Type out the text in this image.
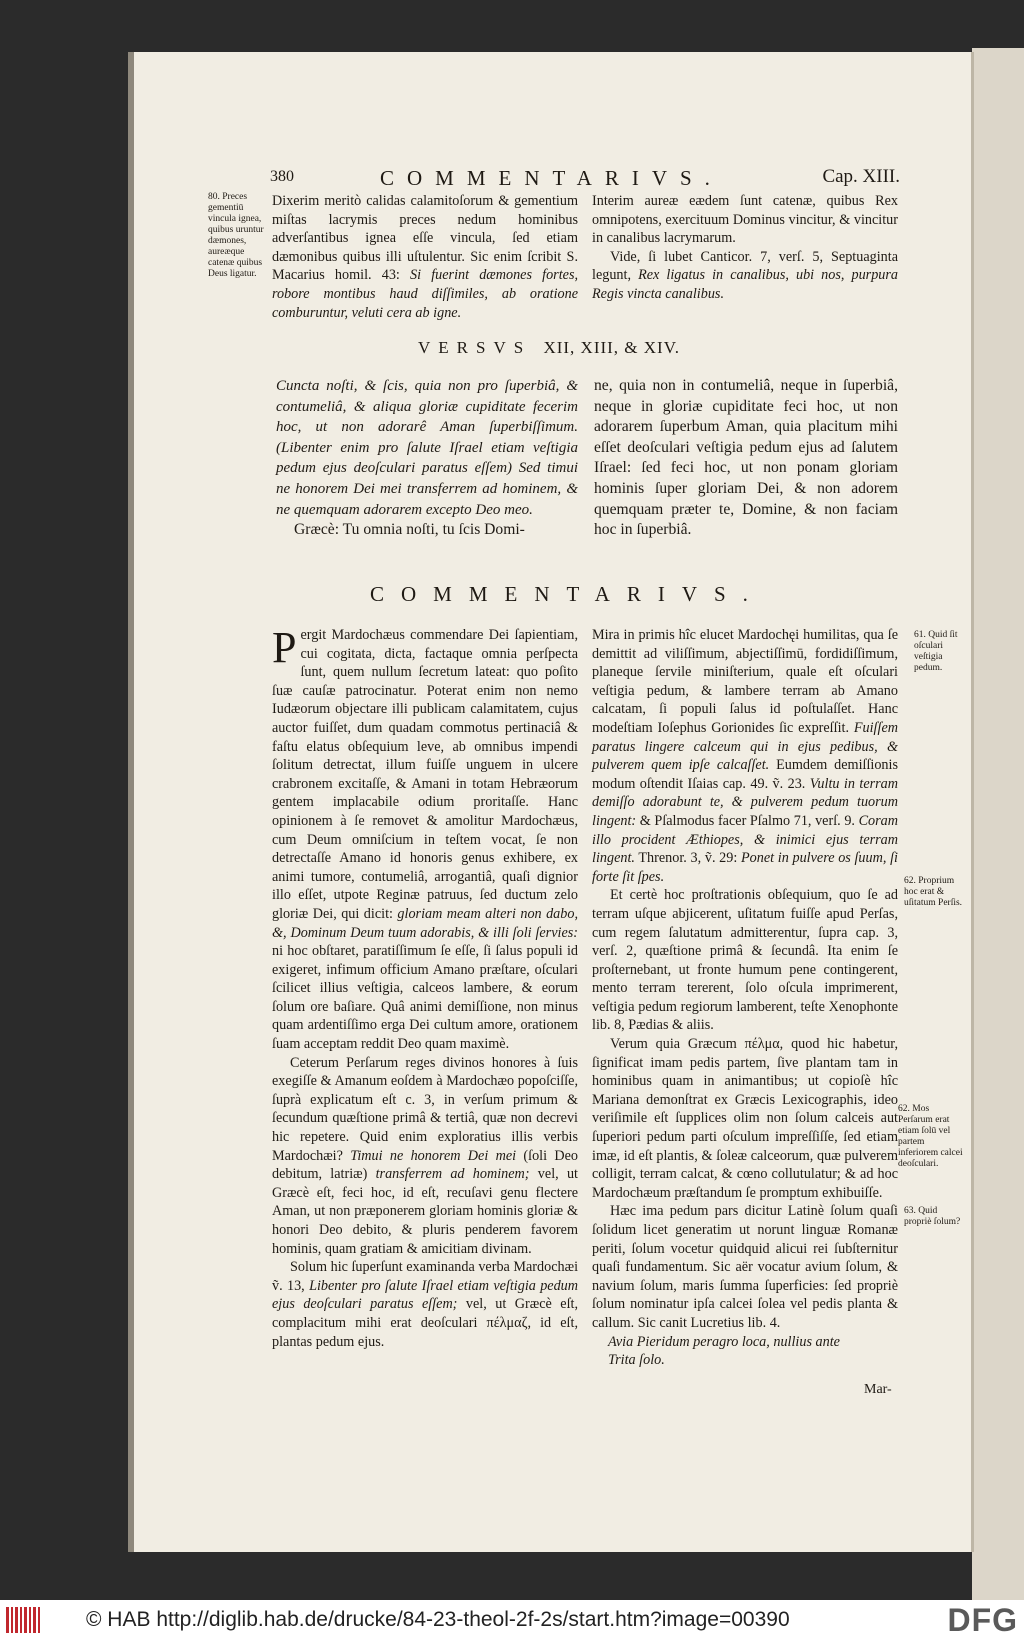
380	COMMENTARIVS.	Cap. XIII.
80. Preces gementiū vincula ignea, quibus uruntur dæmones, aureæque catenæ quibus Deus ligatur.

Dixerim meritò calidas calamitoſorum & gementium miſtas lacrymis preces nedum hominibus adverſantibus ignea eſſe vincula, ſed etiam dæmonibus quibus illi uſtulentur. Sic enim ſcribit S. Macarius homil. 43: Si fuerint dæmones fortes, robore montibus haud diſſimiles, ab oratione comburuntur, veluti cera ab igne.

Interim aureæ eædem ſunt catenæ, quibus Rex omnipotens, exercituum Dominus vincitur, & vincitur in canalibus lacrymarum.

Vide, ſi lubet Canticor. 7, verſ. 5, Septuaginta legunt, Rex ligatus in canalibus, ubi nos, purpura Regis vincta canalibus.

VERSVS XII, XIII, & XIV.

Cuncta noſti, & ſcis, quia non pro ſuperbiâ, & contumeliâ, & aliqua gloriæ cupiditate fecerim hoc, ut non adorarê Aman ſuperbiſſimum. (Libenter enim pro ſalute Iſrael etiam veſtigia pedum ejus deoſculari paratus eſſem) Sed timui ne honorem Dei mei transferrem ad hominem, & ne quemquam adorarem excepto Deo meo.

Græcè: Tu omnia noſti, tu ſcis Domi-

ne, quia non in contumeliâ, neque in ſuperbiâ, neque in gloriæ cupiditate feci hoc, ut non adorarem ſuperbum Aman, quia placitum mihi eſſet deoſculari veſtigia pedum ejus ad ſalutem Iſrael: ſed feci hoc, ut non ponam gloriam hominis ſuper gloriam Dei, & non adorem quemquam præter te, Domine, & non faciam hoc in ſuperbiâ.

COMMENTARIVS.

Pergit Mardochæus commendare Dei ſapientiam, cui cogitata, dicta, factaque omnia perſpecta ſunt, quem nullum ſecretum lateat: quo poſito ſuæ cauſæ patrocinatur. Poterat enim non nemo Iudæorum objectare illi publicam calamitatem, cujus auctor fuiſſet, dum quadam commotus pertinaciâ & faſtu elatus obſequium leve, ab omnibus impendi ſolitum detrectat, illum fuiſſe unguem in ulcere crabronem excitaſſe, & Amani in totam Hebræorum gentem implacabile odium proritaſſe. Hanc opinionem à ſe removet & amolitur Mardochæus, cum Deum omniſcium in teſtem vocat, ſe non detrectaſſe Amano id honoris genus exhibere, ex animi tumore, contumeliâ, arrogantiâ, quaſi dignior illo eſſet, utpote Reginæ patruus, ſed ductum zelo gloriæ Dei, qui dicit: gloriam meam alteri non dabo, &, Dominum Deum tuum adorabis, & illi ſoli ſervies: ni hoc obſtaret, paratiſſimum ſe eſſe, ſi ſalus populi id exigeret, infimum officium Amano præſtare, oſculari ſcilicet illius veſtigia, calceos lambere, & eorum ſolum ore baſiare. Quâ animi demiſſione, non minus quam ardentiſſimo erga Dei cultum amore, orationem ſuam acceptam reddit Deo quam maximè.

Ceterum Perſarum reges divinos honores à ſuis exegiſſe & Amanum eoſdem à Mardochæo popoſciſſe, ſuprà explicatum eſt c. 3, in verſum primum & ſecundum quæſtione primâ & tertiâ, quæ non decrevi hic repetere. Quid enim exploratius illis verbis Mardochæi? Timui ne honorem Dei mei (ſoli Deo debitum, latriæ) transferrem ad hominem; vel, ut Græcè eſt, feci hoc, id eſt, recuſavi genu flectere Aman, ut non præponerem gloriam hominis gloriæ & honori Deo debito, & pluris penderem favorem hominis, quam gratiam & amicitiam divinam.

Solum hic ſuperſunt examinanda verba Mardochæi ṽ. 13, Libenter pro ſalute Iſrael etiam veſtigia pedum ejus deoſculari paratus eſſem; vel, ut Græcè eſt, complacitum mihi erat deoſculari πέλμαζ, id eſt, plantas pedum ejus.

Mira in primis hîc elucet Mardochęi humilitas, qua ſe demittit ad viliſſimum, abjectiſſimū, fordidiſſimum, planeque ſervile miniſterium, quale eſt oſculari veſtigia pedum, & lambere terram ab Amano calcatam, ſi populi ſalus id poſtulaſſet. Hanc modeſtiam Ioſephus Gorionides ſic expreſſit. Fuiſſem paratus lingere calceum qui in ejus pedibus, & pulverem quem ipſe calcaſſet. Eumdem demiſſionis modum oſtendit Iſaias cap. 49. ṽ. 23. Vultu in terram demiſſo adorabunt te, & pulverem pedum tuorum lingent: & Pſalmodus facer Pſalmo 71, verſ. 9. Coram illo procident Æthiopes, & inimici ejus terram lingent. Threnor. 3, ṽ. 29: Ponet in pulvere os ſuum, ſi forte ſit ſpes.

Et certè hoc proſtrationis obſequium, quo ſe ad terram uſque abjicerent, uſitatum fuiſſe apud Perſas, cum regem ſalutatum admitterentur, ſupra cap. 3, verſ. 2, quæſtione primâ & ſecundâ. Ita enim ſe proſternebant, ut fronte humum pene contingerent, mento terram tererent, ſolo oſcula imprimerent, veſtigia pedum regiorum lamberent, teſte Xenophonte lib. 8, Pædias & aliis.

Verum quia Græcum πέλμα, quod hic habetur, ſignificat imam pedis partem, ſive plantam tam in hominibus quam in animantibus; ut copioſè hîc Mariana demonſtrat ex Græcis Lexicographis, ideo veriſimile eſt ſupplices olim non ſolum calceis aut ſuperiori pedum parti oſculum impreſſiſſe, ſed etiam imæ, id eſt plantis, & ſoleæ calceorum, quæ pulverem colligit, terram calcat, & cœno collutulatur; & ad hoc Mardochæum præſtandum ſe promptum exhibuiſſe.

Hæc ima pedum pars dicitur Latinè ſolum quaſi ſolidum licet generatim ut norunt linguæ Romanæ periti, ſolum vocetur quidquid alicui rei ſubſternitur quaſi fundamentum. Sic aër vocatur avium ſolum, & navium ſolum, maris ſumma ſuperficies: ſed propriè ſolum nominatur ipſa calcei ſolea vel pedis planta & callum. Sic canit Lucretius lib. 4.

Avia Pieridum peragro loca, nullius ante

Trita ſolo.

61. Quid ſit oſculari veſtigia pedum.
62. Proprium hoc erat & uſitatum Perſis.
62. Mos Perſarum erat etiam ſolū vel partem inferiorem calcei deoſculari.
63. Quid propriè ſolum?
Mar-
© HAB http://diglib.hab.de/drucke/84-23-theol-2f-2s/start.htm?image=00390	DFG
